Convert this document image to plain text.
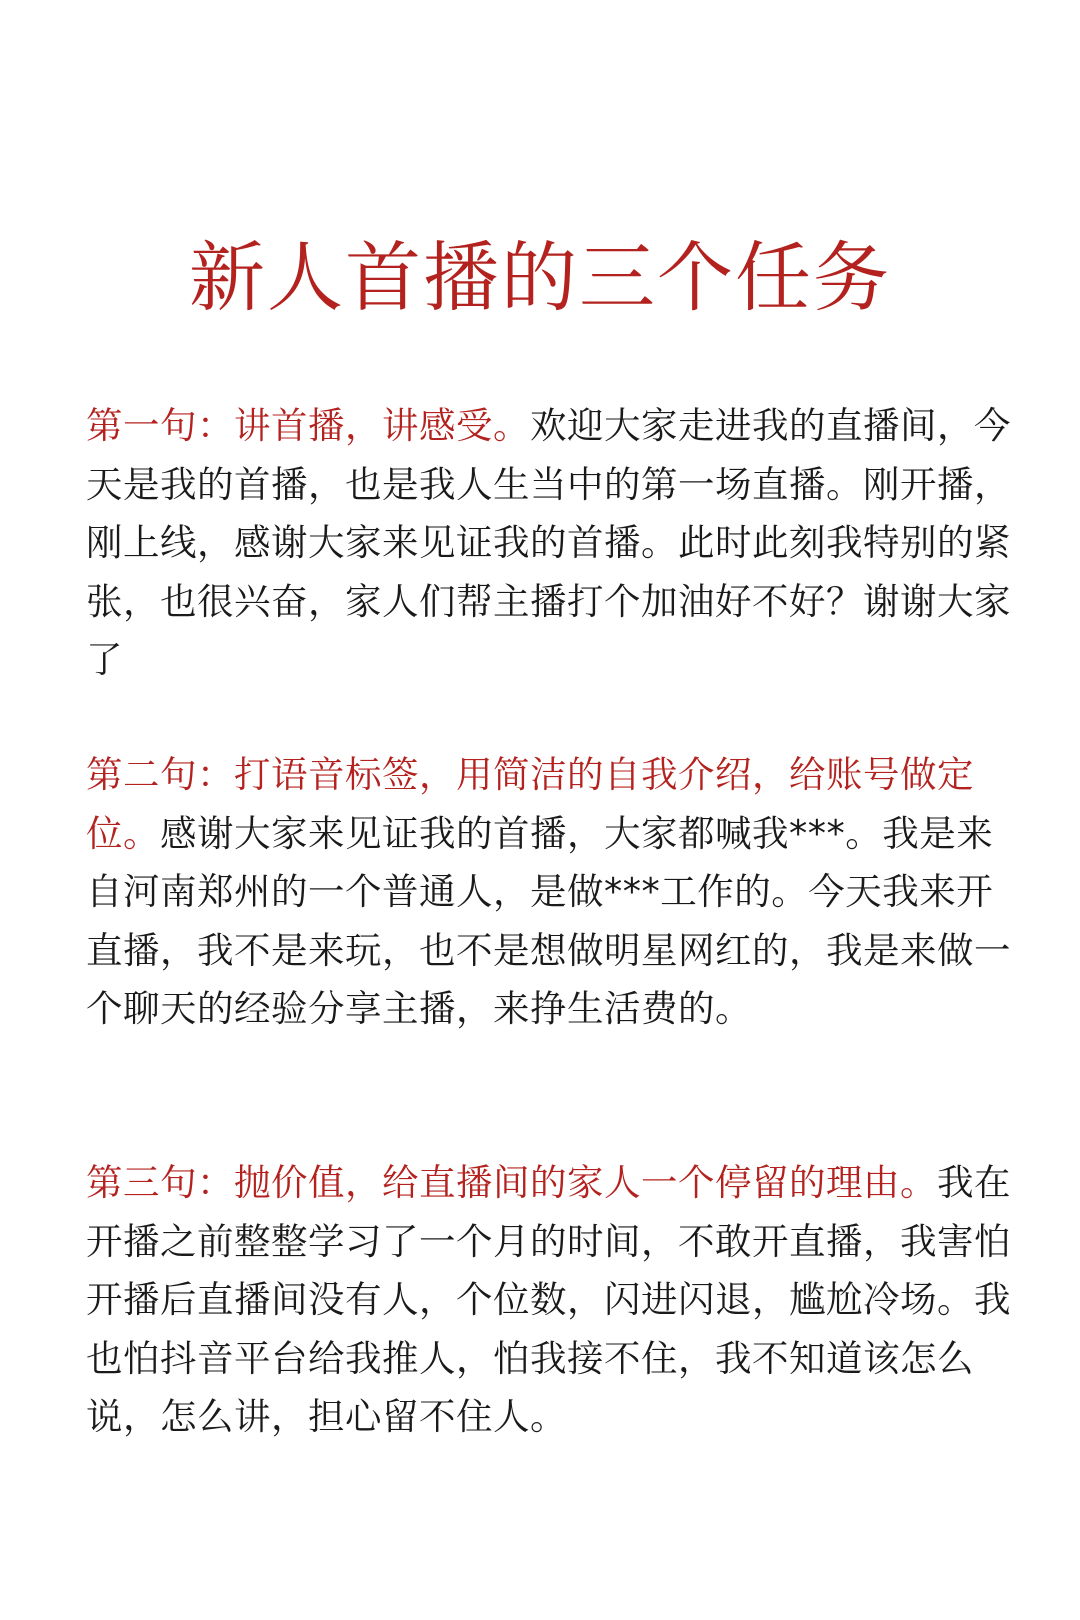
新人首播的三个任务
第一句：讲首播，讲感受。欢迎大家走进我的直播间，今天是我的首播，也是我人生当中的第一场直播。刚开播，刚上线，感谢大家来见证我的首播。此时此刻我特别的紧张，也很兴奋，家人们帮主播打个加油好不好？谢谢大家了
第二句：打语音标签，用简洁的自我介绍，给账号做定位。感谢大家来见证我的首播，大家都喊我***。我是来自河南郑州的一个普通人，是做***工作的。今天我来开直播，我不是来玩，也不是想做明星网红的，我是来做一个聊天的经验分享主播，来挣生活费的。
第三句：抛价值，给直播间的家人一个停留的理由。我在开播之前整整学习了一个月的时间，不敢开直播，我害怕开播后直播间没有人，个位数，闪进闪退，尴尬冷场。我也怕抖音平台给我推人，怕我接不住，我不知道该怎么说，怎么讲，担心留不住人。
